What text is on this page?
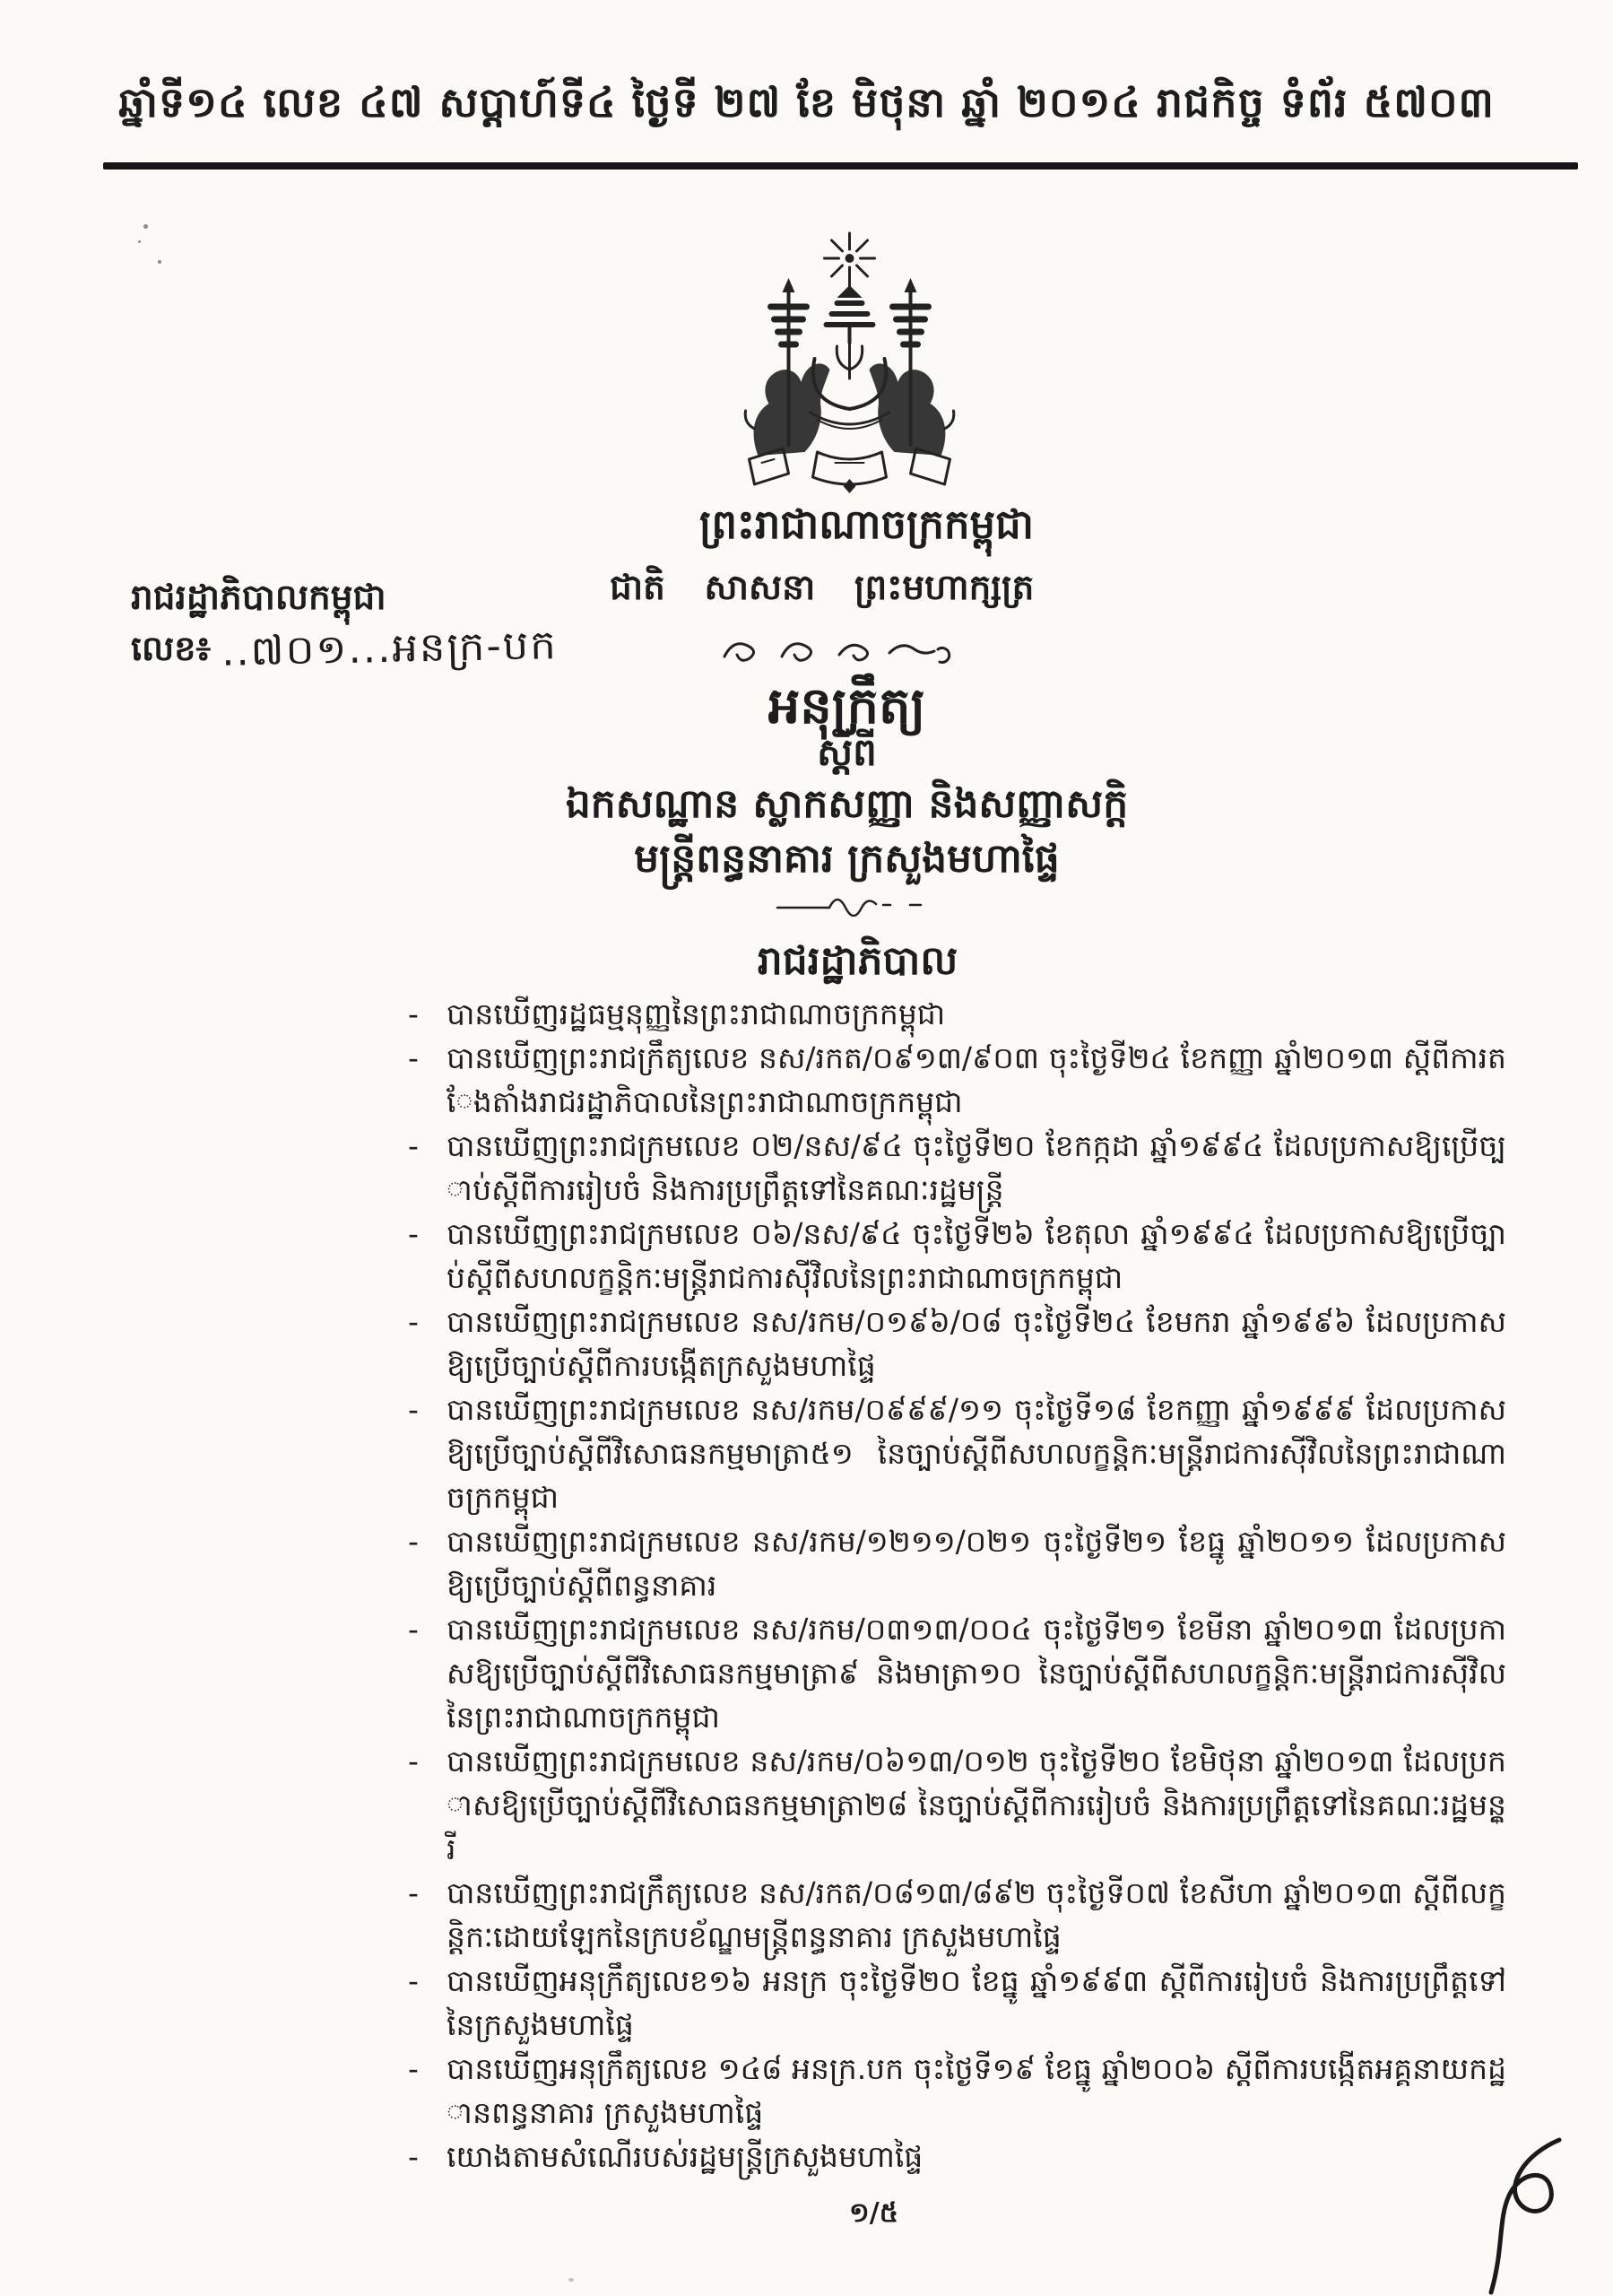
ឆ្នាំទី១៤ លេខ ៤៧ សប្តាហ៍ទី៤ ថ្ងៃទី ២៧ ខែ មិថុនា ឆ្នាំ ២០១៤ រាជកិច្ច ទំព័រ ៥៧០៣
ព្រះរាជាណាចក្រកម្ពុជា
រាជរដ្ឋាភិបាលកម្ពុជា	ជាតិ សាសនា ព្រះមហាក្សត្រ
លេខ៖ ..៧០១...អនក្រ-បក
អនុក្រឹត្យ
ស្តីពី
ឯកសណ្ឋាន ស្លាកសញ្ញា និងសញ្ញាសក្តិ
មន្ត្រីពន្ធនាគារ ក្រសួងមហាផ្ទៃ
រាជរដ្ឋាភិបាល
- បានឃើញរដ្ឋធម្មនុញ្ញនៃព្រះរាជាណាចក្រកម្ពុជា
- បានឃើញព្រះរាជក្រឹត្យលេខ នស/រកត/០៩១៣/៩០៣ ចុះថ្ងៃទី២៤ ខែកញ្ញា ឆ្នាំ២០១៣ ស្តីពីការតែងតាំងរាជរដ្ឋាភិបាលនៃព្រះរាជាណាចក្រកម្ពុជា
- បានឃើញព្រះរាជក្រមលេខ ០២/នស/៩៤ ចុះថ្ងៃទី២០ ខែកក្កដា ឆ្នាំ១៩៩៤ ដែលប្រកាសឱ្យប្រើច្បាប់ស្តីពីការរៀបចំ និងការប្រព្រឹត្តទៅនៃគណៈរដ្ឋមន្ត្រី
- បានឃើញព្រះរាជក្រមលេខ ០៦/នស/៩៤ ចុះថ្ងៃទី២៦ ខែតុលា ឆ្នាំ១៩៩៤ ដែលប្រកាសឱ្យប្រើច្បាប់ស្តីពីសហលក្ខន្តិកៈមន្ត្រីរាជការស៊ីវិលនៃព្រះរាជាណាចក្រកម្ពុជា
- បានឃើញព្រះរាជក្រមលេខ នស/រកម/០១៩៦/០៨ ចុះថ្ងៃទី២៤ ខែមករា ឆ្នាំ១៩៩៦ ដែលប្រកាស ឱ្យប្រើច្បាប់ស្តីពីការបង្កើតក្រសួងមហាផ្ទៃ
- បានឃើញព្រះរាជក្រមលេខ នស/រកម/០៩៩៩/១១ ចុះថ្ងៃទី១៨ ខែកញ្ញា ឆ្នាំ១៩៩៩ ដែលប្រកាសឱ្យប្រើច្បាប់ស្តីពីវិសោធនកម្មមាត្រា៥១ នៃច្បាប់ស្តីពីសហលក្ខន្តិកៈមន្ត្រីរាជការស៊ីវិលនៃព្រះរាជាណាចក្រកម្ពុជា
- បានឃើញព្រះរាជក្រមលេខ នស/រកម/១២១១/០២១ ចុះថ្ងៃទី២១ ខែធ្នូ ឆ្នាំ២០១១ ដែលប្រកាសឱ្យប្រើច្បាប់ស្តីពីពន្ធនាគារ
- បានឃើញព្រះរាជក្រមលេខ នស/រកម/០៣១៣/០០៤ ចុះថ្ងៃទី២១ ខែមីនា ឆ្នាំ២០១៣ ដែលប្រកាសឱ្យប្រើច្បាប់ស្តីពីវិសោធនកម្មមាត្រា៩ និងមាត្រា១០ នៃច្បាប់ស្តីពីសហលក្ខន្តិកៈមន្ត្រីរាជការស៊ីវិលនៃព្រះរាជាណាចក្រកម្ពុជា
- បានឃើញព្រះរាជក្រមលេខ នស/រកម/០៦១៣/០១២ ចុះថ្ងៃទី២០ ខែមិថុនា ឆ្នាំ២០១៣ ដែលប្រកាសឱ្យប្រើច្បាប់ស្តីពីវិសោធនកម្មមាត្រា២៨ នៃច្បាប់ស្តីពីការរៀបចំ និងការប្រព្រឹត្តទៅនៃគណៈរដ្ឋមន្ត្រី
- បានឃើញព្រះរាជក្រឹត្យលេខ នស/រកត/០៨១៣/៨៩២ ចុះថ្ងៃទី០៧ ខែសីហា ឆ្នាំ២០១៣ ស្តីពីលក្ខន្តិកៈដោយឡែកនៃក្របខ័ណ្ឌមន្ត្រីពន្ធនាគារ ក្រសួងមហាផ្ទៃ
- បានឃើញអនុក្រឹត្យលេខ១៦ អនក្រ ចុះថ្ងៃទី២០ ខែធ្នូ ឆ្នាំ១៩៩៣ ស្តីពីការរៀបចំ និងការប្រព្រឹត្តទៅនៃក្រសួងមហាផ្ទៃ
- បានឃើញអនុក្រឹត្យលេខ ១៤៨ អនក្រ.បក ចុះថ្ងៃទី១៩ ខែធ្នូ ឆ្នាំ២០០៦ ស្តីពីការបង្កើតអគ្គនាយកដ្ឋានពន្ធនាគារ ក្រសួងមហាផ្ទៃ
- យោងតាមសំណើរបស់រដ្ឋមន្ត្រីក្រសួងមហាផ្ទៃ
១/៥
